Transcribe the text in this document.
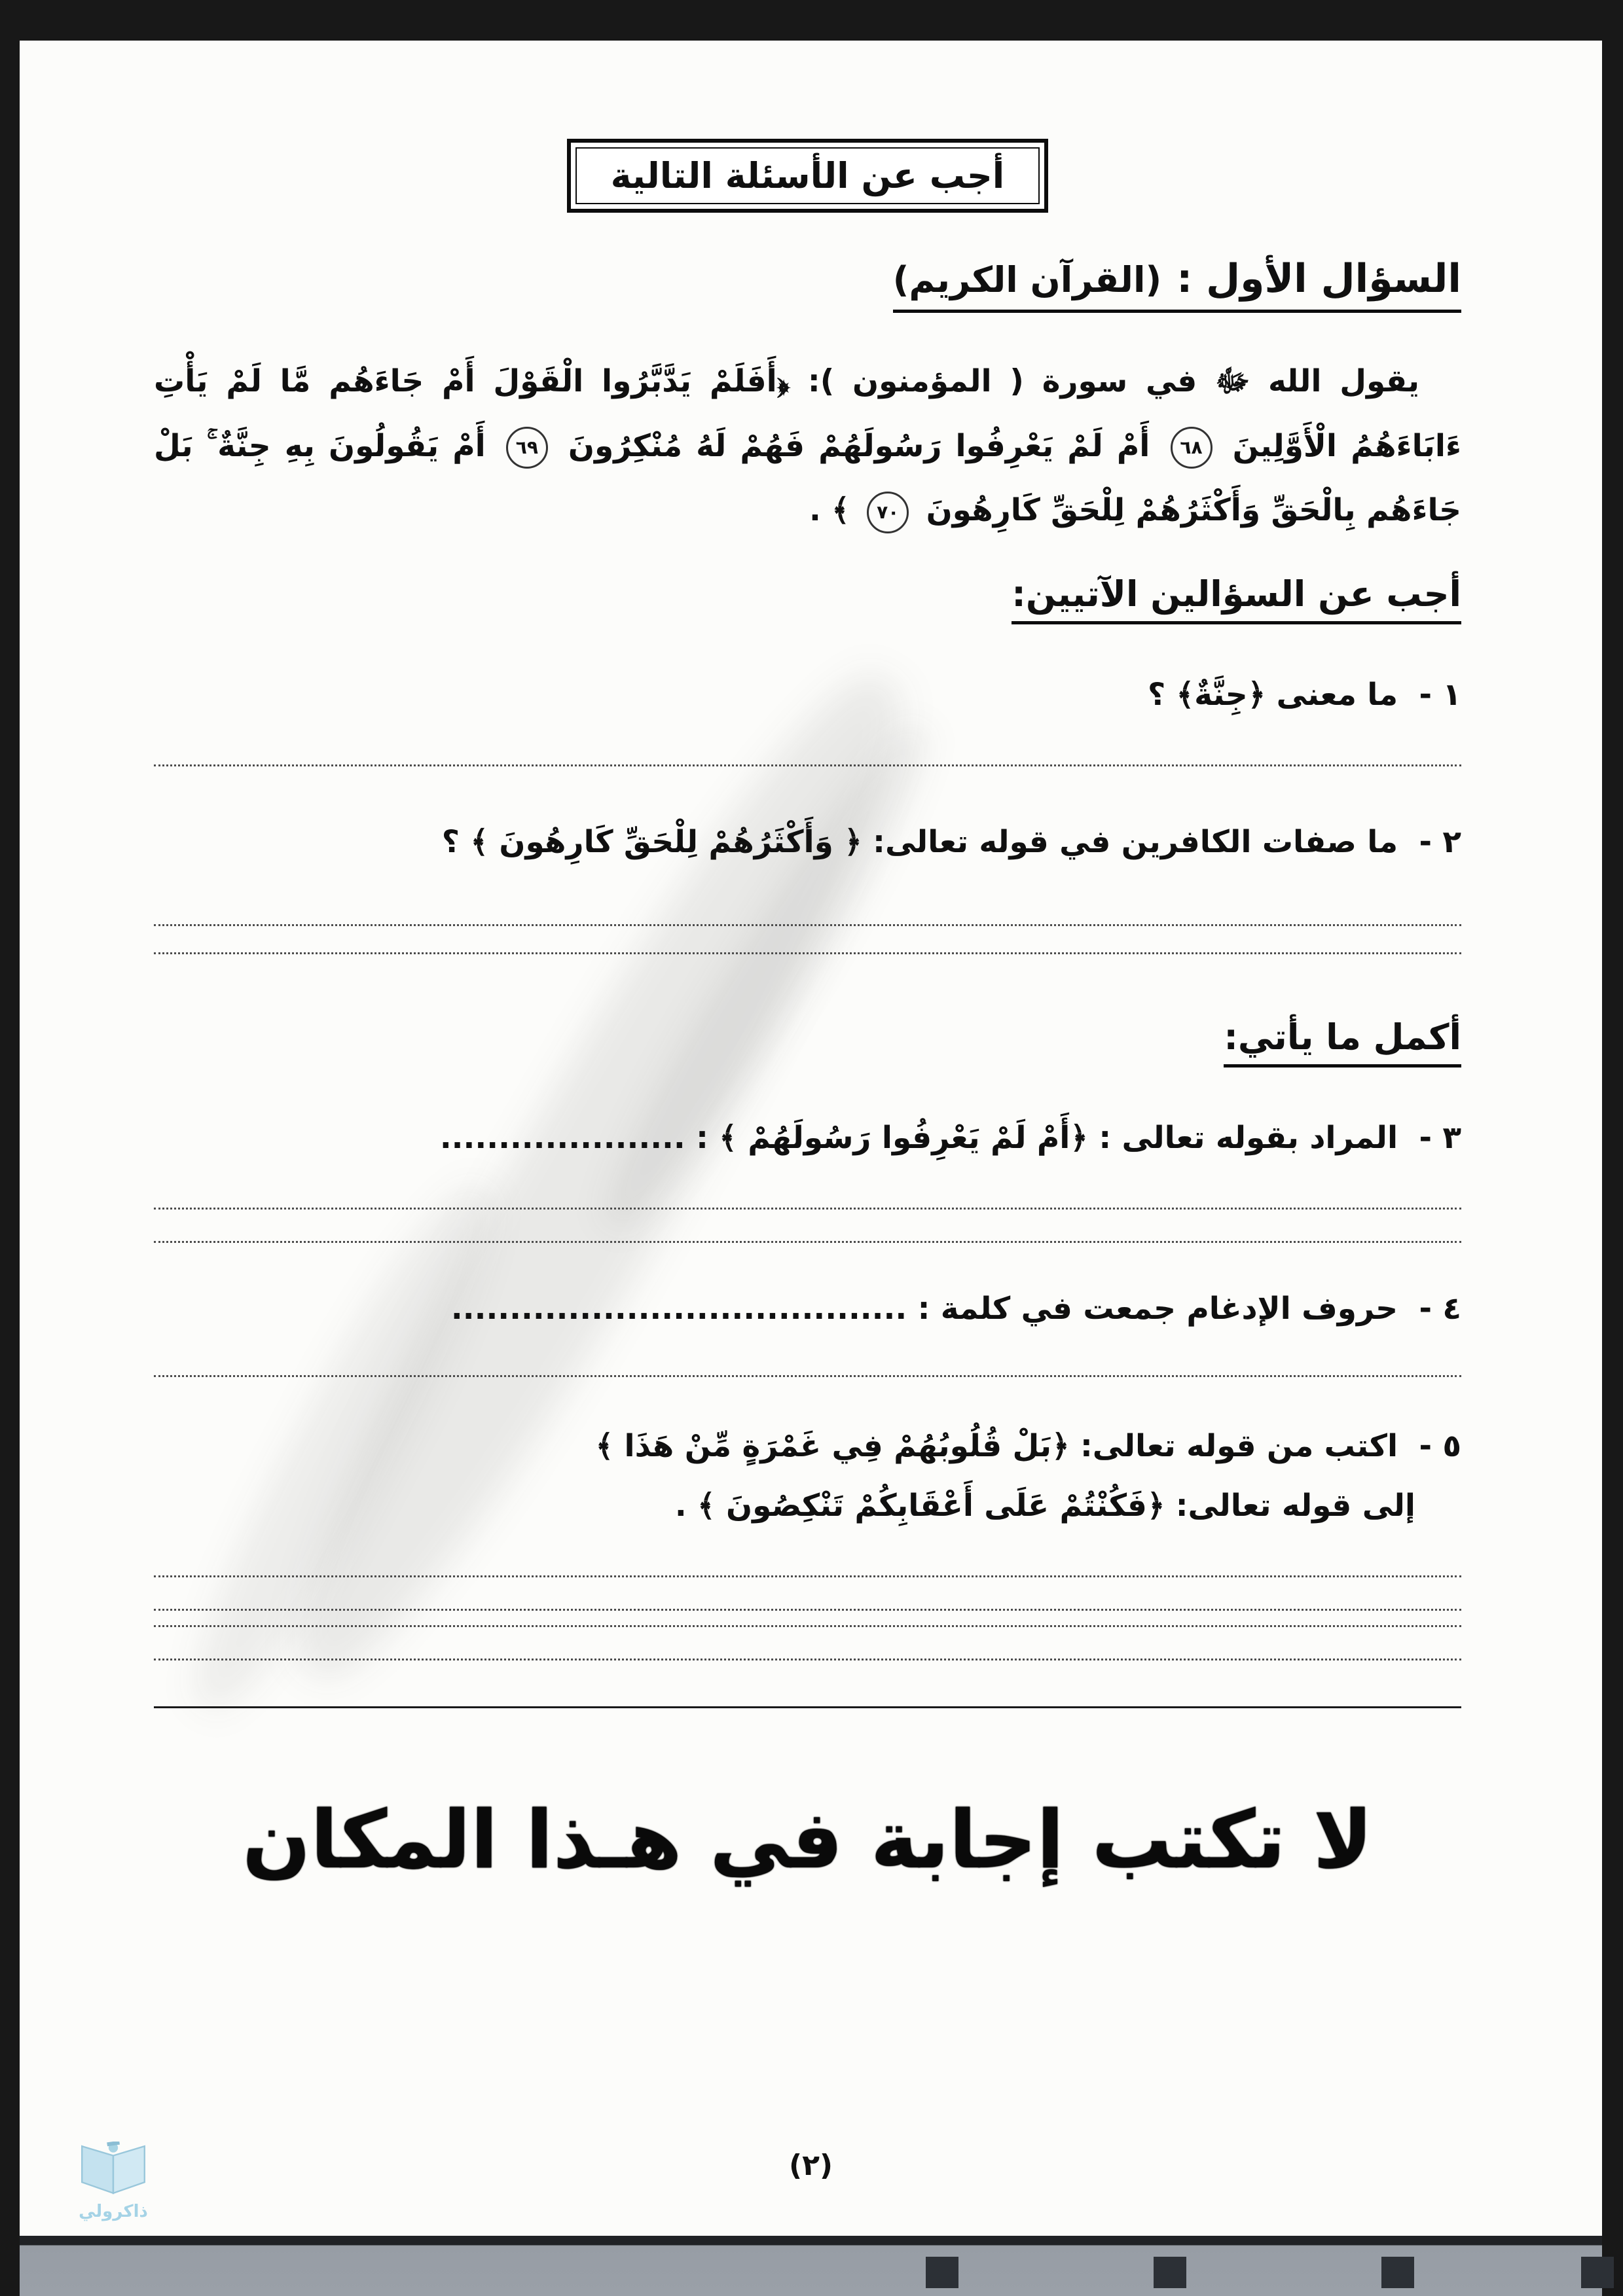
أجب عن الأسئلة التالية
السؤال الأول : (القرآن الكريم)

يقول الله ﷻ في سورة ( المؤمنون ): ﴿أَفَلَمْ يَدَّبَّرُوا الْقَوْلَ أَمْ جَاءَهُم مَّا لَمْ يَأْتِ ءَابَاءَهُمُ الْأَوَّلِينَ ٦٨ أَمْ لَمْ يَعْرِفُوا رَسُولَهُمْ فَهُمْ لَهُ مُنْكِرُونَ ٦٩ أَمْ يَقُولُونَ بِهِ جِنَّةٌ ۚ بَلْ جَاءَهُم بِالْحَقِّ وَأَكْثَرُهُمْ لِلْحَقِّ كَارِهُونَ ٧٠ ﴾ .

أجب عن السؤالين الآتيين:
١ - ما معنى ﴿جِنَّةٌ﴾ ؟
٢ - ما صفات الكافرين في قوله تعالى: ﴿ وَأَكْثَرُهُمْ لِلْحَقِّ كَارِهُونَ ﴾ ؟
أكمل ما يأتي:
٣ - المراد بقوله تعالى : ﴿أَمْ لَمْ يَعْرِفُوا رَسُولَهُمْ ﴾ : .....................
٤ - حروف الإدغام جمعت في كلمة : .......................................
٥ - اكتب من قوله تعالى: ﴿بَلْ قُلُوبُهُمْ فِي غَمْرَةٍ مِّنْ هَذَا ﴾
إلى قوله تعالى: ﴿فَكُنْتُمْ عَلَى أَعْقَابِكُمْ تَنْكِصُونَ ﴾ .
لا تكتب إجابة في هـذا المكان
(٢)
ذاكرولي
